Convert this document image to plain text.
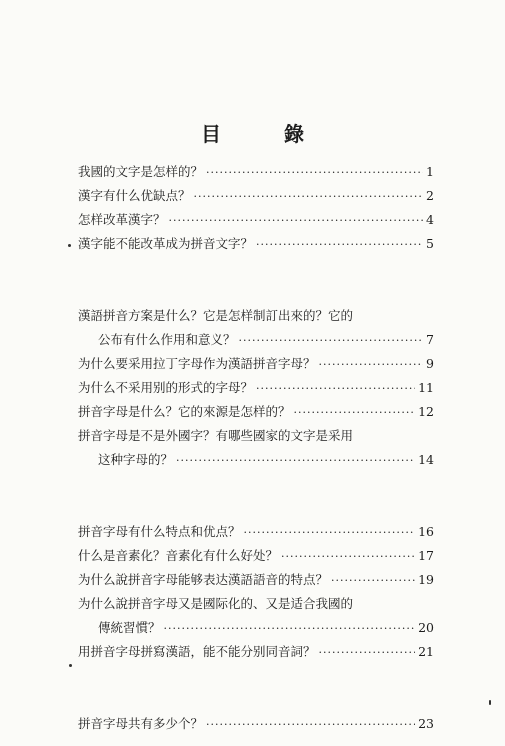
目 錄
我國的文字是怎样的？ ·····	1
漢字有什么优缺点？ ·····	2
怎样改革漢字？ ·····	4
漢字能不能改革成为拼音文字？ ·····	5
漢語拼音方案是什么？它是怎样制訂出來的？它的
公布有什么作用和意义？ ·····	7
为什么要采用拉丁字母作为漢語拼音字母？ ·····	9
为什么不采用别的形式的字母？ ·····	11
拼音字母是什么？它的來源是怎样的？ ·····	12
拼音字母是不是外國字？有哪些國家的文字是采用
这种字母的？ ·····	14
拼音字母有什么特点和优点？ ·····	16
什么是音素化？音素化有什么好处？ ·····	17
为什么說拼音字母能够表达漢語語音的特点？ ·····	19
为什么說拼音字母又是國际化的、又是适合我國的
傳統習慣？ ·····	20
用拼音字母拼寫漢語，能不能分别同音詞？ ·····	21
拼音字母共有多少个？ ·····	23
